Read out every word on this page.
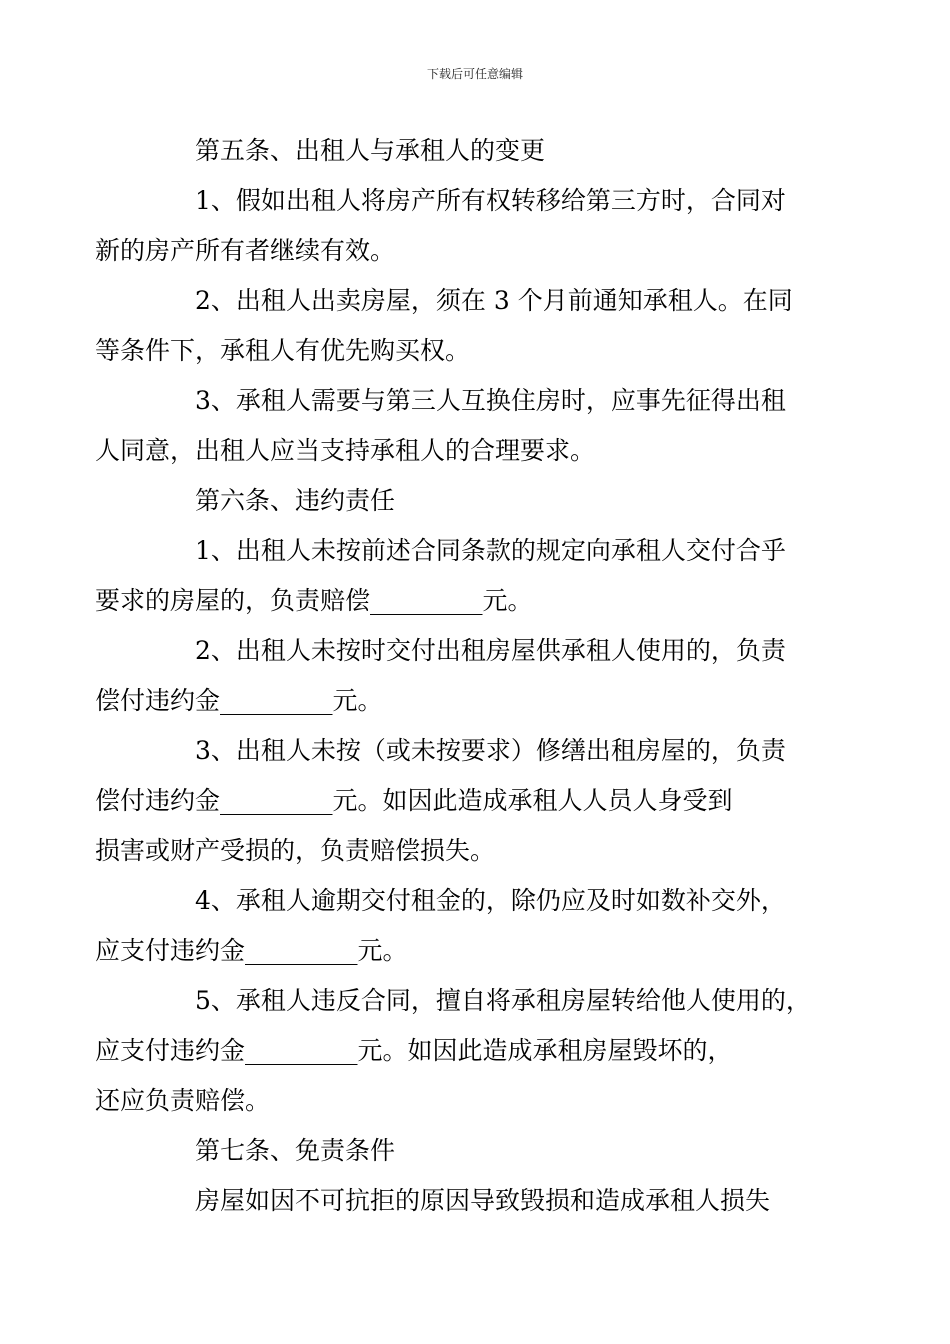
下载后可任意编辑

第五条、出租人与承租人的变更

1、假如出租人将房产所有权转移给第三方时，合同对
新的房产所有者继续有效。

2、出租人出卖房屋，须在 3 个月前通知承租人。在同
等条件下，承租人有优先购买权。

3、承租人需要与第三人互换住房时，应事先征得出租
人同意，出租人应当支持承租人的合理要求。

第六条、违约责任

1、出租人未按前述合同条款的规定向承租人交付合乎
要求的房屋的，负责赔偿_________元。

2、出租人未按时交付出租房屋供承租人使用的，负责
偿付违约金_________元。

3、出租人未按（或未按要求）修缮出租房屋的，负责
偿付违约金_________元。如因此造成承租人人员人身受到
损害或财产受损的，负责赔偿损失。

4、承租人逾期交付租金的，除仍应及时如数补交外，
应支付违约金_________元。

5、承租人违反合同，擅自将承租房屋转给他人使用的，
应支付违约金_________元。如因此造成承租房屋毁坏的，
还应负责赔偿。

第七条、免责条件

房屋如因不可抗拒的原因导致毁损和造成承租人损失
